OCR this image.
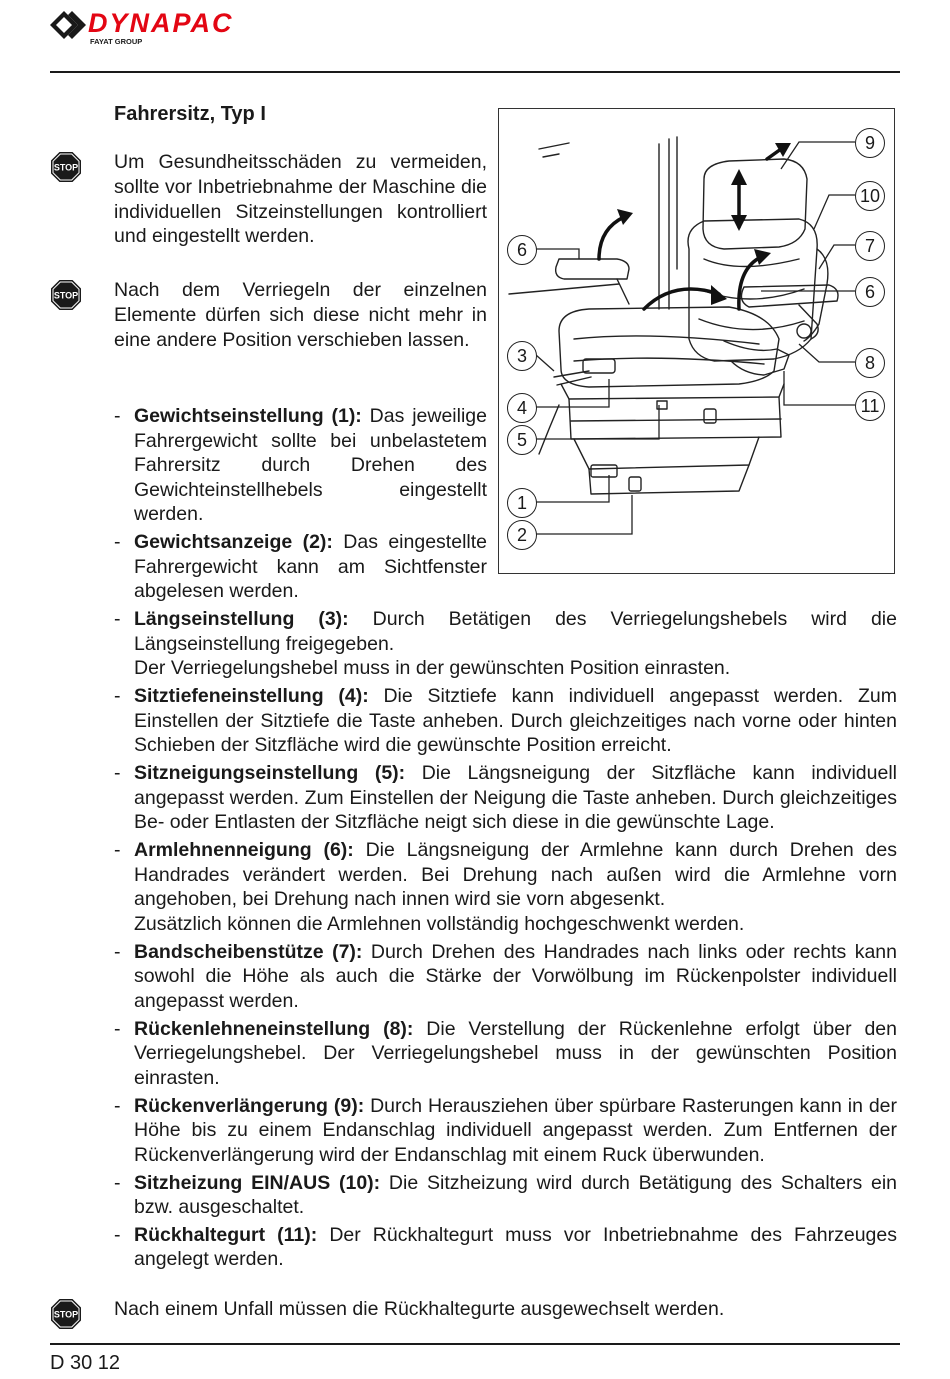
DYNAPAC
FAYAT GROUP
Fahrersitz, Typ I
STOP Um Gesundheitsschäden zu vermeiden, sollte vor Inbetriebnahme der Maschine die individuellen Sitzeinstellungen kontrolliert und eingestellt werden.
STOP Nach dem Verriegeln der einzelnen Elemente dürfen sich diese nicht mehr in eine andere Position verschieben lassen.
6
3
4
5
1
2
9
10
7
6
8
11
- Gewichtseinstellung (1): Das jeweilige Fahrergewicht sollte bei unbelastetem Fahrersitz durch Drehen des Gewichteinstellhebels eingestellt werden.
- Gewichtsanzeige (2): Das eingestellte Fahrergewicht kann am Sichtfenster abgelesen werden.
- Längseinstellung (3): Durch Betätigen des Verriegelungshebels wird die Längseinstellung freigegeben.
Der Verriegelungshebel muss in der gewünschten Position einrasten.
- Sitztiefeneinstellung (4): Die Sitztiefe kann individuell angepasst werden. Zum Einstellen der Sitztiefe die Taste anheben. Durch gleichzeitiges nach vorne oder hinten Schieben der Sitzfläche wird die gewünschte Position erreicht.
- Sitzneigungseinstellung (5): Die Längsneigung der Sitzfläche kann individuell angepasst werden. Zum Einstellen der Neigung die Taste anheben. Durch gleichzeitiges Be- oder Entlasten der Sitzfläche neigt sich diese in die gewünschte Lage.
- Armlehnenneigung (6): Die Längsneigung der Armlehne kann durch Drehen des Handrades verändert werden. Bei Drehung nach außen wird die Armlehne vorn angehoben, bei Drehung nach innen wird sie vorn abgesenkt.
Zusätzlich können die Armlehnen vollständig hochgeschwenkt werden.
- Bandscheibenstütze (7): Durch Drehen des Handrades nach links oder rechts kann sowohl die Höhe als auch die Stärke der Vorwölbung im Rückenpolster individuell angepasst werden.
- Rückenlehneneinstellung (8): Die Verstellung der Rückenlehne erfolgt über den Verriegelungshebel. Der Verriegelungshebel muss in der gewünschten Position einrasten.
- Rückenverlängerung (9): Durch Herausziehen über spürbare Rasterungen kann in der Höhe bis zu einem Endanschlag individuell angepasst werden. Zum Entfernen der Rückenverlängerung wird der Endanschlag mit einem Ruck überwunden.
- Sitzheizung EIN/AUS (10): Die Sitzheizung wird durch Betätigung des Schalters ein bzw. ausgeschaltet.
- Rückhaltegurt (11): Der Rückhaltegurt muss vor Inbetriebnahme des Fahrzeuges angelegt werden.
STOP Nach einem Unfall müssen die Rückhaltegurte ausgewechselt werden.
D 30 12
